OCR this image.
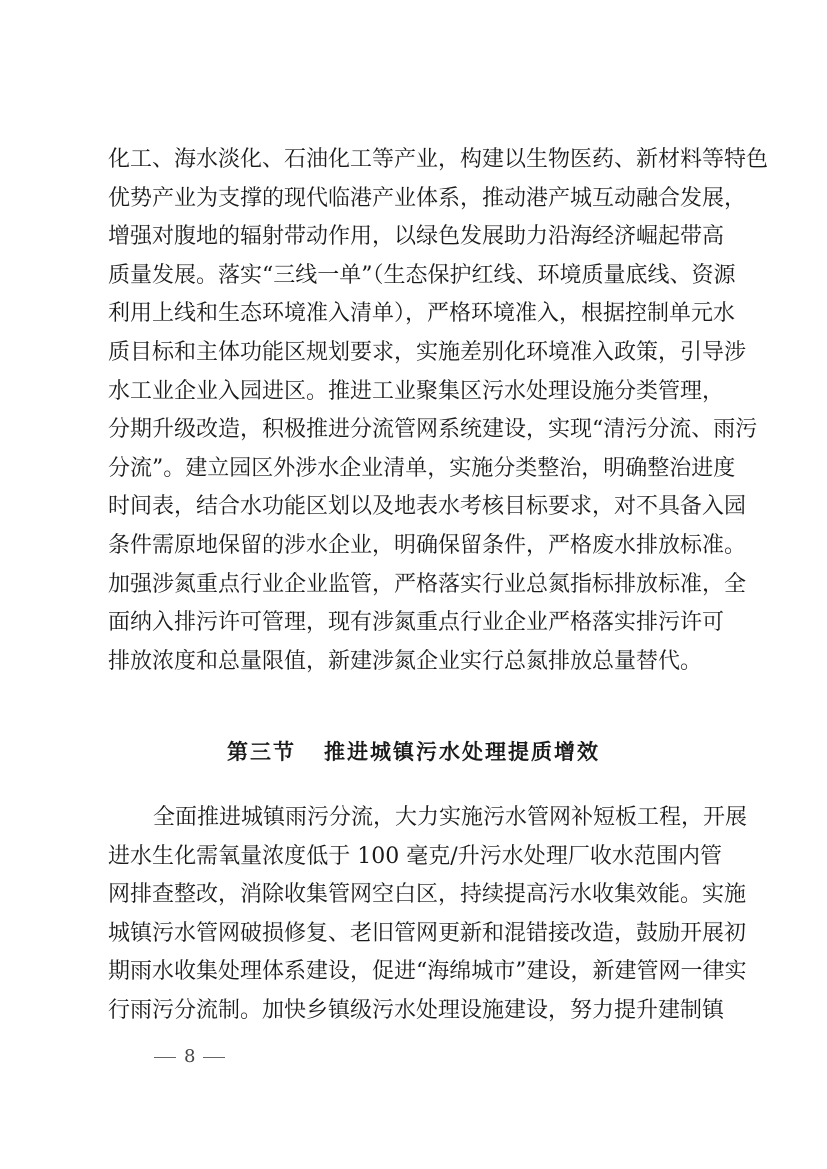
化工、海水淡化、石油化工等产业，构建以生物医药、新材料等特色
优势产业为支撑的现代临港产业体系，推动港产城互动融合发展，
增强对腹地的辐射带动作用，以绿色发展助力沿海经济崛起带高
质量发展。落实“三线一单”（生态保护红线、环境质量底线、资源
利用上线和生态环境准入清单），严格环境准入，根据控制单元水
质目标和主体功能区规划要求，实施差别化环境准入政策，引导涉
水工业企业入园进区。推进工业聚集区污水处理设施分类管理，
分期升级改造，积极推进分流管网系统建设，实现“清污分流、雨污
分流”。建立园区外涉水企业清单，实施分类整治，明确整治进度
时间表，结合水功能区划以及地表水考核目标要求，对不具备入园
条件需原地保留的涉水企业，明确保留条件，严格废水排放标准。
加强涉氮重点行业企业监管，严格落实行业总氮指标排放标准，全
面纳入排污许可管理，现有涉氮重点行业企业严格落实排污许可
排放浓度和总量限值，新建涉氮企业实行总氮排放总量替代。
第三节 推进城镇污水处理提质增效
全面推进城镇雨污分流，大力实施污水管网补短板工程，开展
进水生化需氧量浓度低于 100 毫克/升污水处理厂收水范围内管
网排查整改，消除收集管网空白区，持续提高污水收集效能。实施
城镇污水管网破损修复、老旧管网更新和混错接改造，鼓励开展初
期雨水收集处理体系建设，促进“海绵城市”建设，新建管网一律实
行雨污分流制。加快乡镇级污水处理设施建设，努力提升建制镇
8
